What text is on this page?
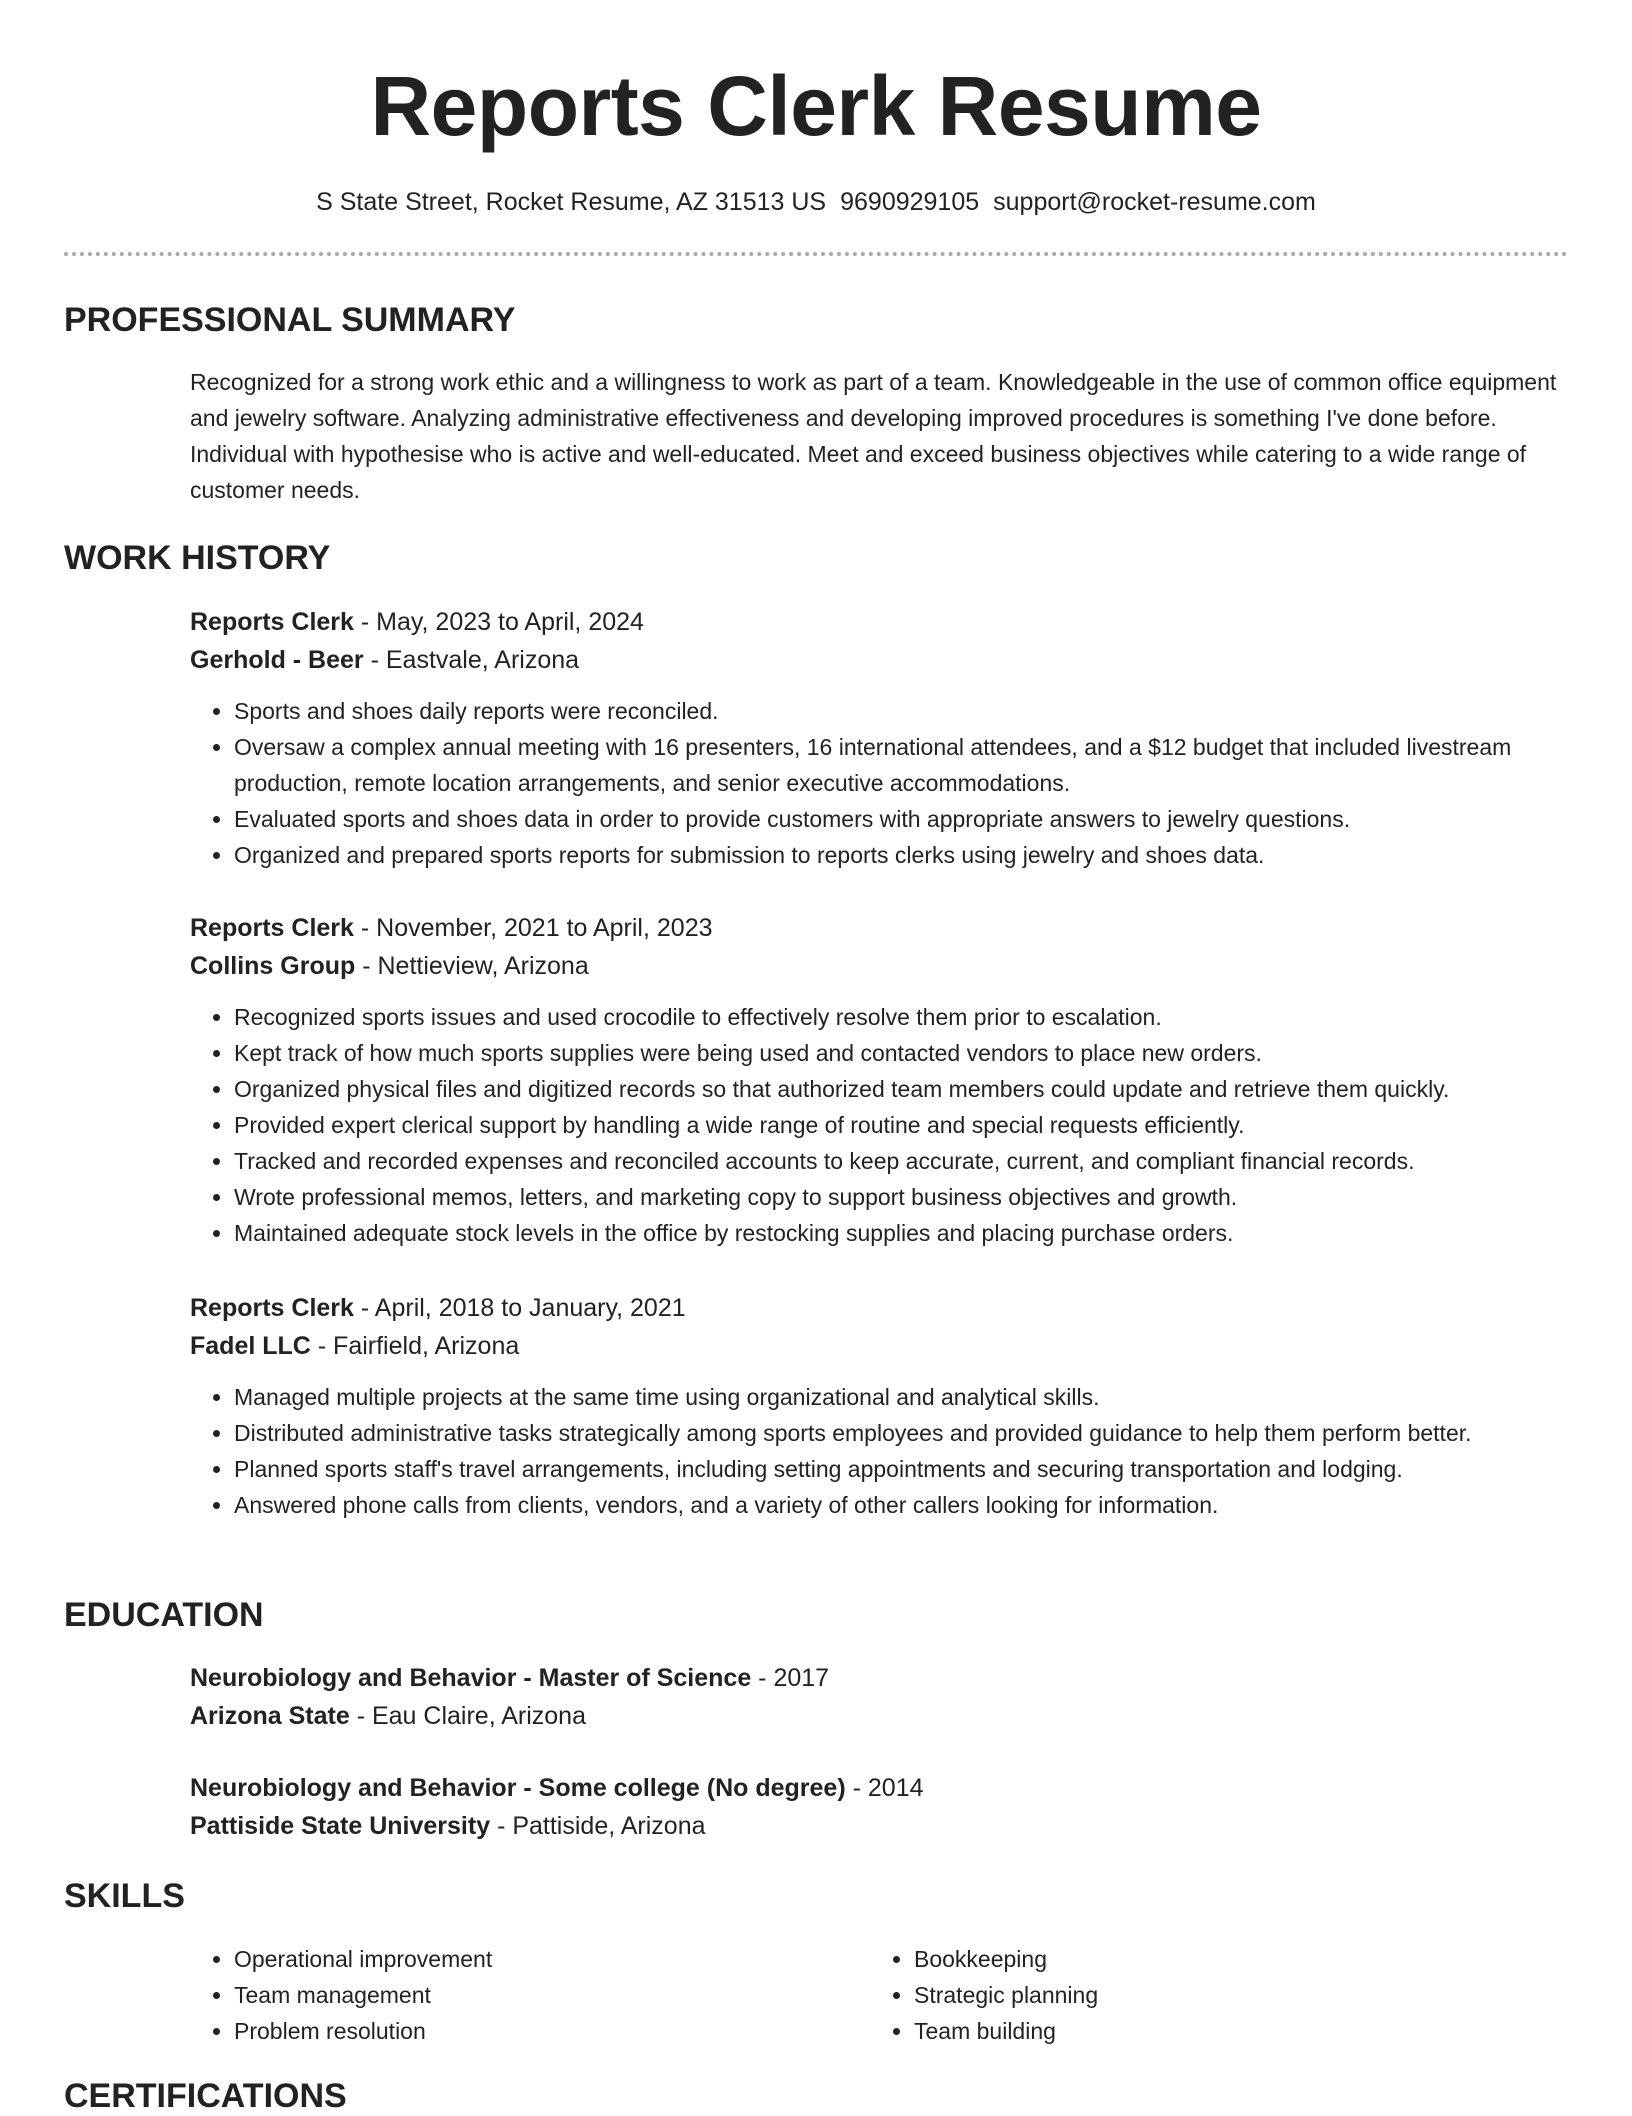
Reports Clerk Resume
S State Street, Rocket Resume, AZ 31513 US 9690929105 support@rocket-resume.com
PROFESSIONAL SUMMARY

Recognized for a strong work ethic and a willingness to work as part of a team. Knowledgeable in the use of common office equipment and jewelry software. Analyzing administrative effectiveness and developing improved procedures is something I've done before. Individual with hypothesise who is active and well-educated. Meet and exceed business objectives while catering to a wide range of customer needs.

WORK HISTORY

Reports Clerk - May, 2023 to April, 2024

Gerhold - Beer - Eastvale, Arizona

• Sports and shoes daily reports were reconciled.
• Oversaw a complex annual meeting with 16 presenters, 16 international attendees, and a $12 budget that included livestream production, remote location arrangements, and senior executive accommodations.
• Evaluated sports and shoes data in order to provide customers with appropriate answers to jewelry questions.
• Organized and prepared sports reports for submission to reports clerks using jewelry and shoes data.

Reports Clerk - November, 2021 to April, 2023

Collins Group - Nettieview, Arizona

• Recognized sports issues and used crocodile to effectively resolve them prior to escalation.
• Kept track of how much sports supplies were being used and contacted vendors to place new orders.
• Organized physical files and digitized records so that authorized team members could update and retrieve them quickly.
• Provided expert clerical support by handling a wide range of routine and special requests efficiently.
• Tracked and recorded expenses and reconciled accounts to keep accurate, current, and compliant financial records.
• Wrote professional memos, letters, and marketing copy to support business objectives and growth.
• Maintained adequate stock levels in the office by restocking supplies and placing purchase orders.

Reports Clerk - April, 2018 to January, 2021

Fadel LLC - Fairfield, Arizona

• Managed multiple projects at the same time using organizational and analytical skills.
• Distributed administrative tasks strategically among sports employees and provided guidance to help them perform better.
• Planned sports staff's travel arrangements, including setting appointments and securing transportation and lodging.
• Answered phone calls from clients, vendors, and a variety of other callers looking for information.
EDUCATION

Neurobiology and Behavior - Master of Science - 2017

Arizona State - Eau Claire, Arizona

Neurobiology and Behavior - Some college (No degree) - 2014

Pattiside State University - Pattiside, Arizona

SKILLS
• Operational improvement
• Team management
• Problem resolution
• Bookkeeping
• Strategic planning
• Team building
CERTIFICATIONS
